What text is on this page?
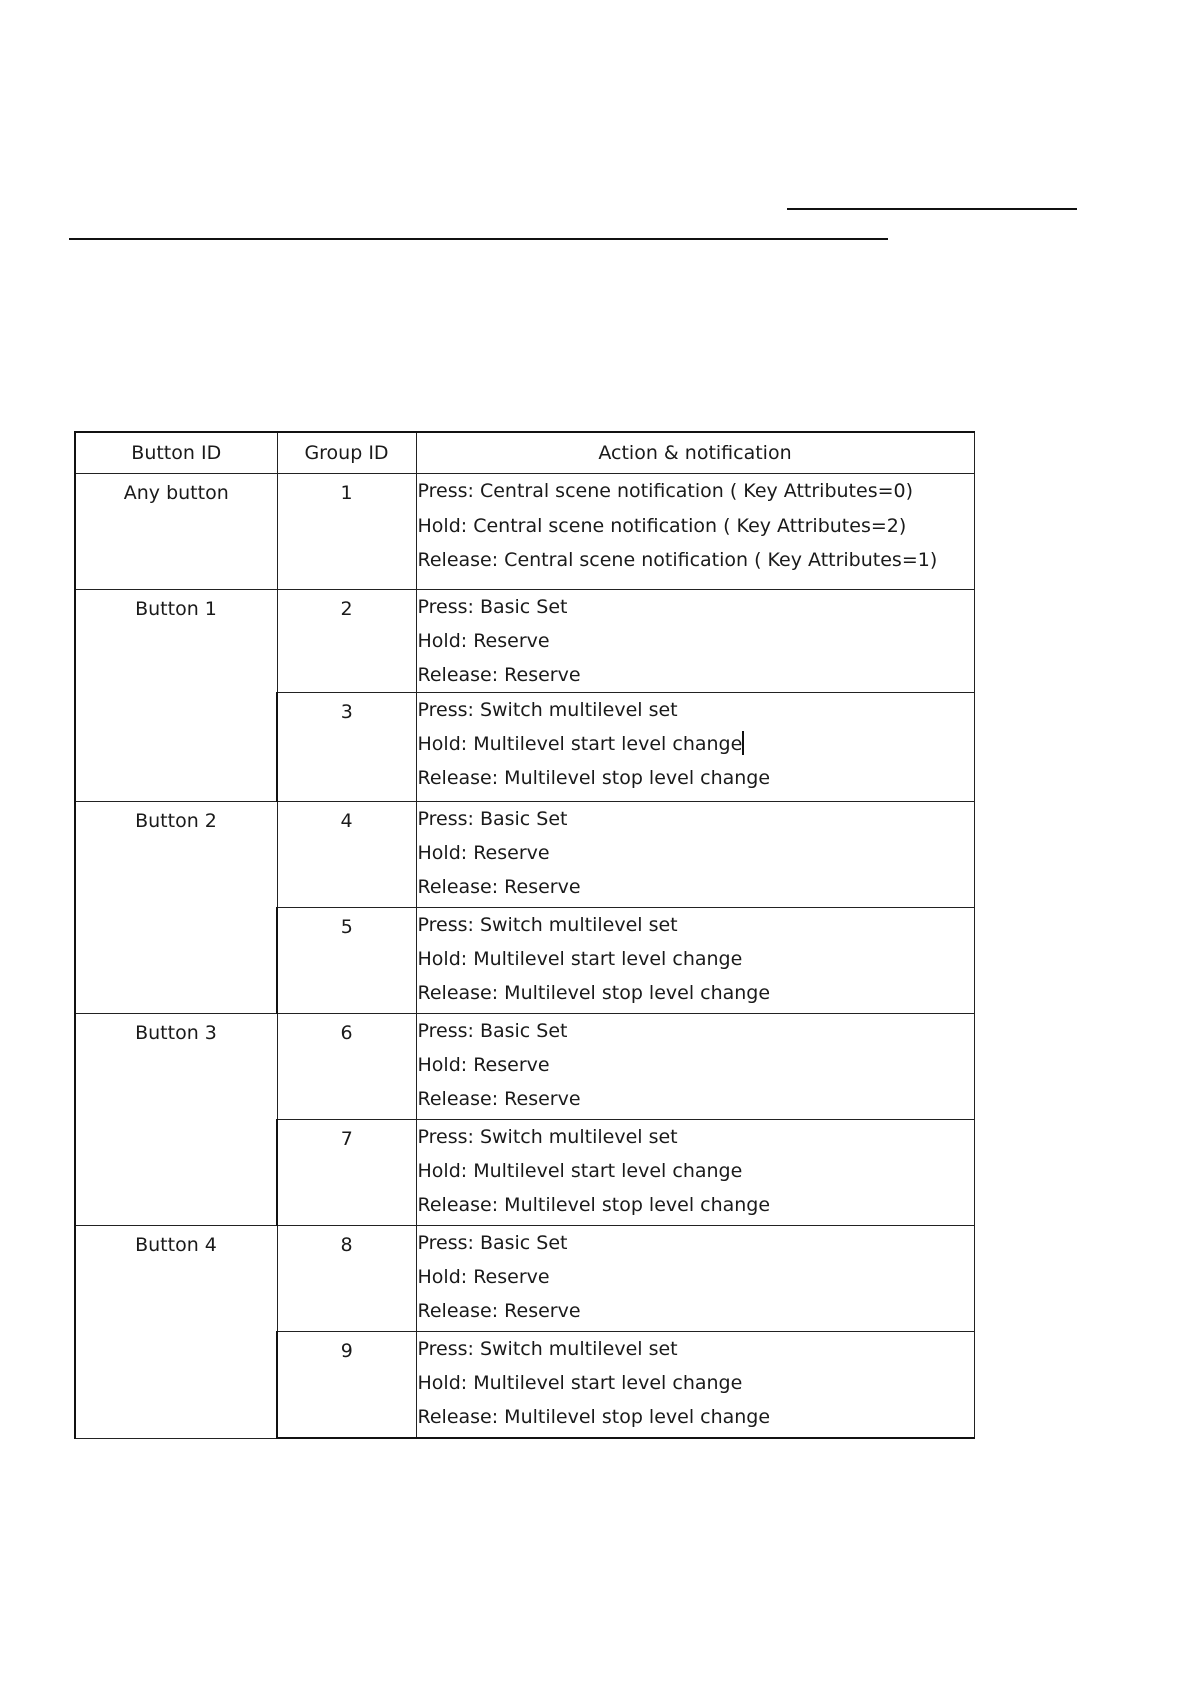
Button ID	Group ID	Action & notification
Any button	1	Press: Central scene notification ( Key Attributes=0)
Hold: Central scene notification ( Key Attributes=2)
Release: Central scene notification ( Key Attributes=1)

Button 1	2	Press: Basic Set
Hold: Reserve
Release: Reserve

	3	Press: Switch multilevel set
Hold: Multilevel start level change
Release: Multilevel stop level change

Button 2	4	Press: Basic Set
Hold: Reserve
Release: Reserve

	5	Press: Switch multilevel set
Hold: Multilevel start level change
Release: Multilevel stop level change

Button 3	6	Press: Basic Set
Hold: Reserve
Release: Reserve

	7	Press: Switch multilevel set
Hold: Multilevel start level change
Release: Multilevel stop level change

Button 4	8	Press: Basic Set
Hold: Reserve
Release: Reserve

	9	Press: Switch multilevel set
Hold: Multilevel start level change
Release: Multilevel stop level change
